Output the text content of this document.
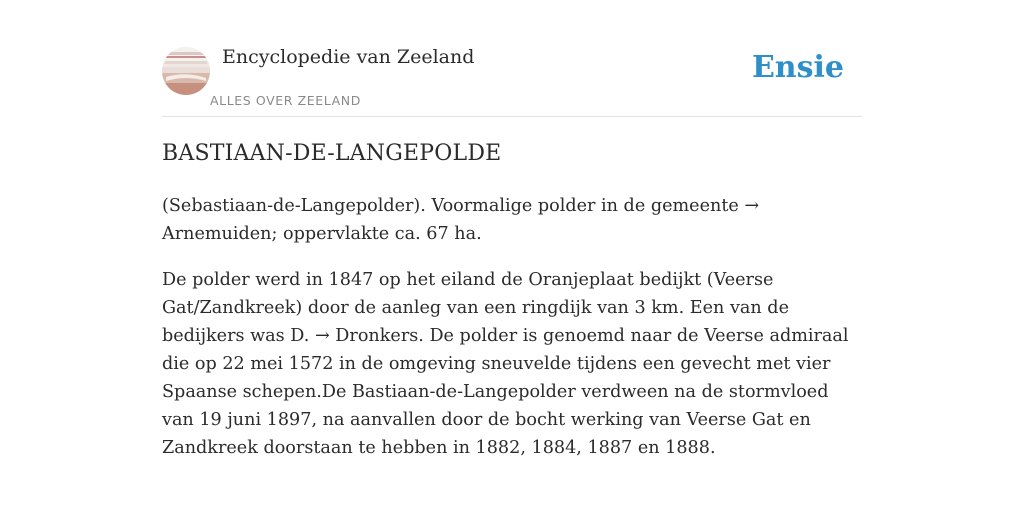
Encyclopedie van Zeeland
ALLES OVER ZEELAND
Ensie
BASTIAAN-DE-LANGEPOLDE

(Sebastiaan-de-Langepolder). Voormalige polder in de gemeente → Arnemuiden; oppervlakte ca. 67 ha.

De polder werd in 1847 op het eiland de Oranjeplaat bedijkt (Veerse Gat/Zandkreek) door de aanleg van een ringdijk van 3 km. Een van de bedijkers was D. → Dronkers. De polder is genoemd naar de Veerse admiraal die op 22 mei 1572 in de omgeving sneuvelde tijdens een gevecht met vier Spaanse schepen.De Bastiaan-de-Langepolder verdween na de stormvloed van 19 juni 1897, na aanvallen door de bocht werking van Veerse Gat en Zandkreek doorstaan te hebben in 1882, 1884, 1887 en 1888.
